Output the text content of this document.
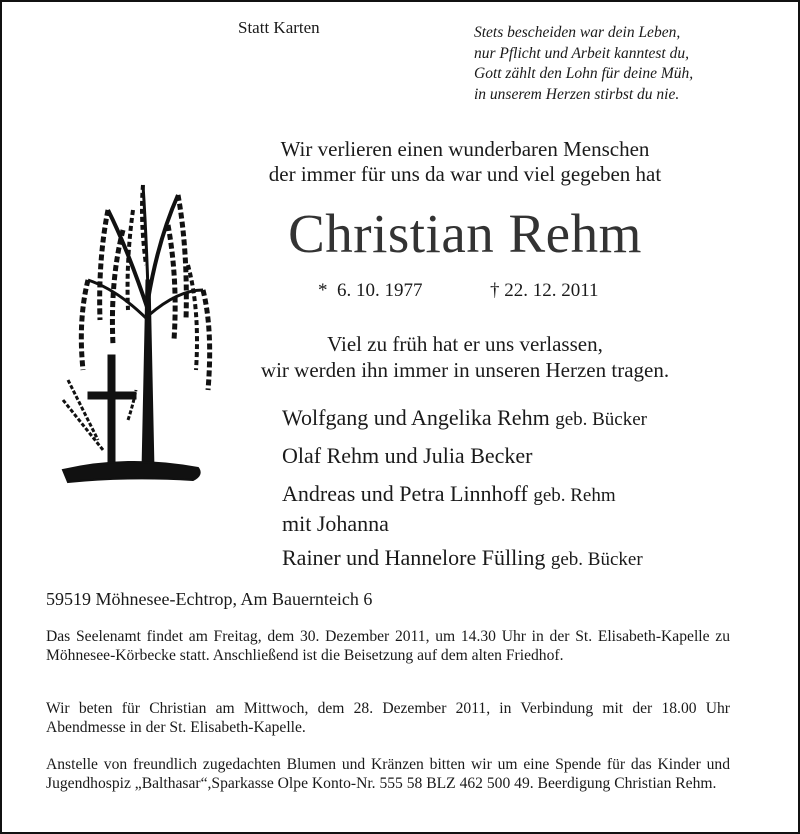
Statt Karten	Stets bescheiden war dein Leben,
nur Pflicht und Arbeit kanntest du,
Gott zählt den Lohn für deine Müh,
in unserem Herzen stirbst du nie.
Wir verlieren einen wunderbaren Menschen
der immer für uns da war und viel gegeben hat
Christian Rehm
* 6. 10. 1977	† 22. 12. 2011
Viel zu früh hat er uns verlassen,
wir werden ihn immer in unseren Herzen tragen.
Wolfgang und Angelika Rehm geb. Bücker
Olaf Rehm und Julia Becker
Andreas und Petra Linnhoff geb. Rehm
mit Johanna
Rainer und Hannelore Fülling geb. Bücker
59519 Möhnesee-Echtrop, Am Bauernteich 6
Das Seelenamt findet am Freitag, dem 30. Dezember 2011, um 14.30 Uhr in der St. Elisabeth-Kapelle zu Möhnesee-Körbecke statt. Anschließend ist die Beisetzung auf dem alten Friedhof.
Wir beten für Christian am Mittwoch, dem 28. Dezember 2011, in Verbindung mit der 18.00 Uhr Abendmesse in der St. Elisabeth-Kapelle.
Anstelle von freundlich zugedachten Blumen und Kränzen bitten wir um eine Spende für das Kinder und Jugendhospiz „Balthasar“,Sparkasse Olpe Konto-Nr. 555 58 BLZ 462 500 49. Beerdigung Christian Rehm.
